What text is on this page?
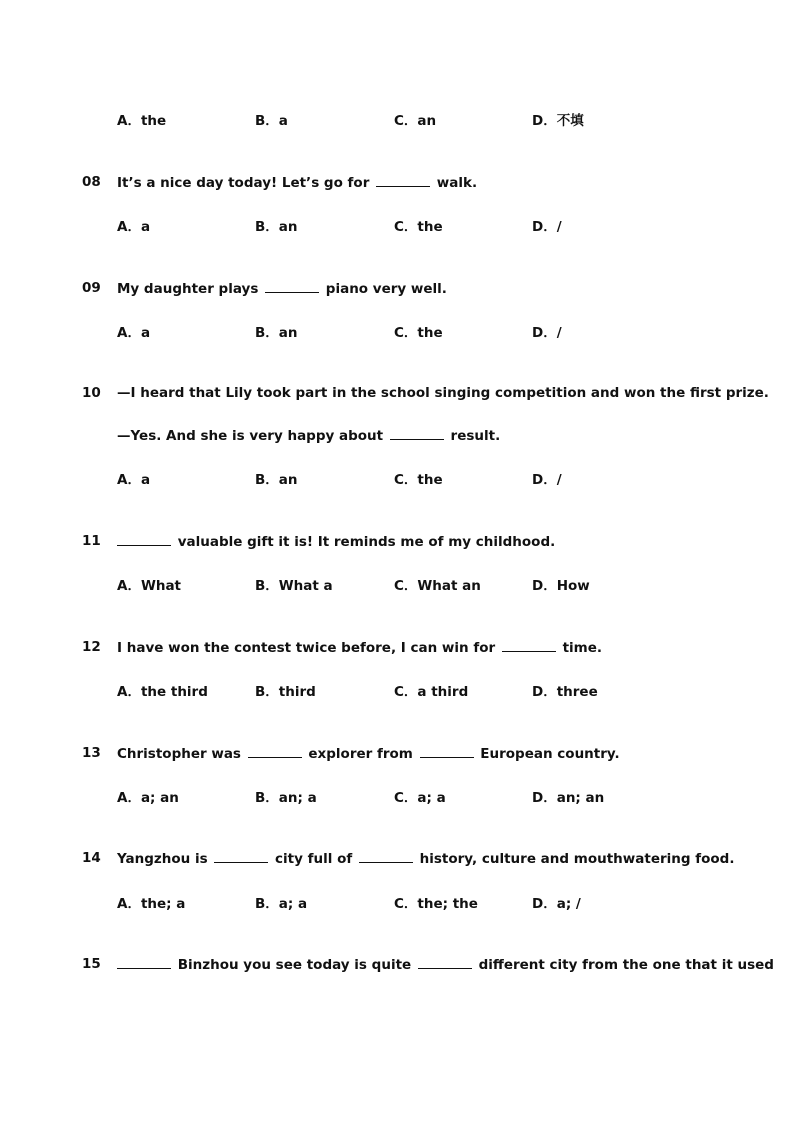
A．the	B．a	C．an	D．不填
08 It’s a nice day today! Let’s go for	walk.
A．a	B．an	C．the	D．/
09 My daughter plays	piano very well.
A．a	B．an	C．the	D．/
10 —I heard that Lily took part in the school singing competition and won the first prize.
—Yes. And she is very happy about	result.
A．a	B．an	C．the	D．/
11	valuable gift it is! It reminds me of my childhood.
A．What	B．What a	C．What an	D．How
12 I have won the contest twice before, I can win for	time.
A．the third	B．third	C．a third	D．three
13 Christopher was	explorer from	European country.
A．a; an	B．an; a	C．a; a	D．an; an
14 Yangzhou is	city full of	history, culture and mouthwatering food.
A．the; a	B．a; a	C．the; the	D．a; /
15	Binzhou you see today is quite	different city from the one that it used
